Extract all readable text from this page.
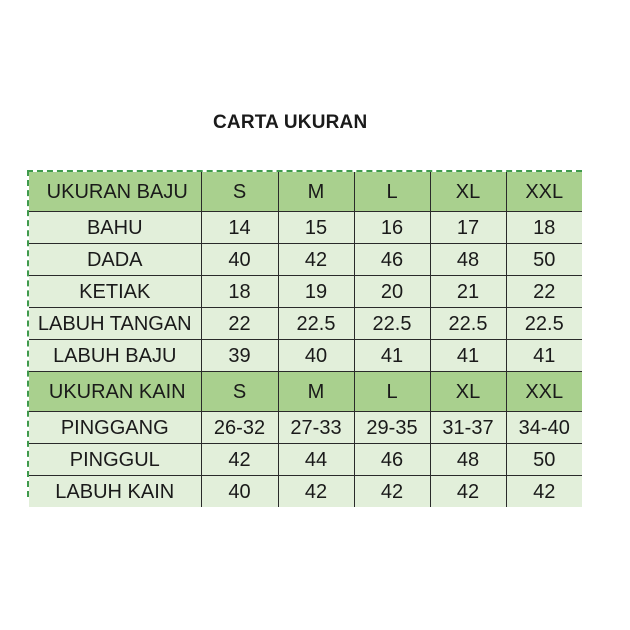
CARTA UKURAN
UKURAN BAJU	S	M	L	XL	XXL
BAHU	14	15	16	17	18
DADA	40	42	46	48	50
KETIAK	18	19	20	21	22
LABUH TANGAN	22	22.5	22.5	22.5	22.5
LABUH BAJU	39	40	41	41	41
UKURAN KAIN	S	M	L	XL	XXL
PINGGANG	26-32	27-33	29-35	31-37	34-40
PINGGUL	42	44	46	48	50
LABUH KAIN	40	42	42	42	42
